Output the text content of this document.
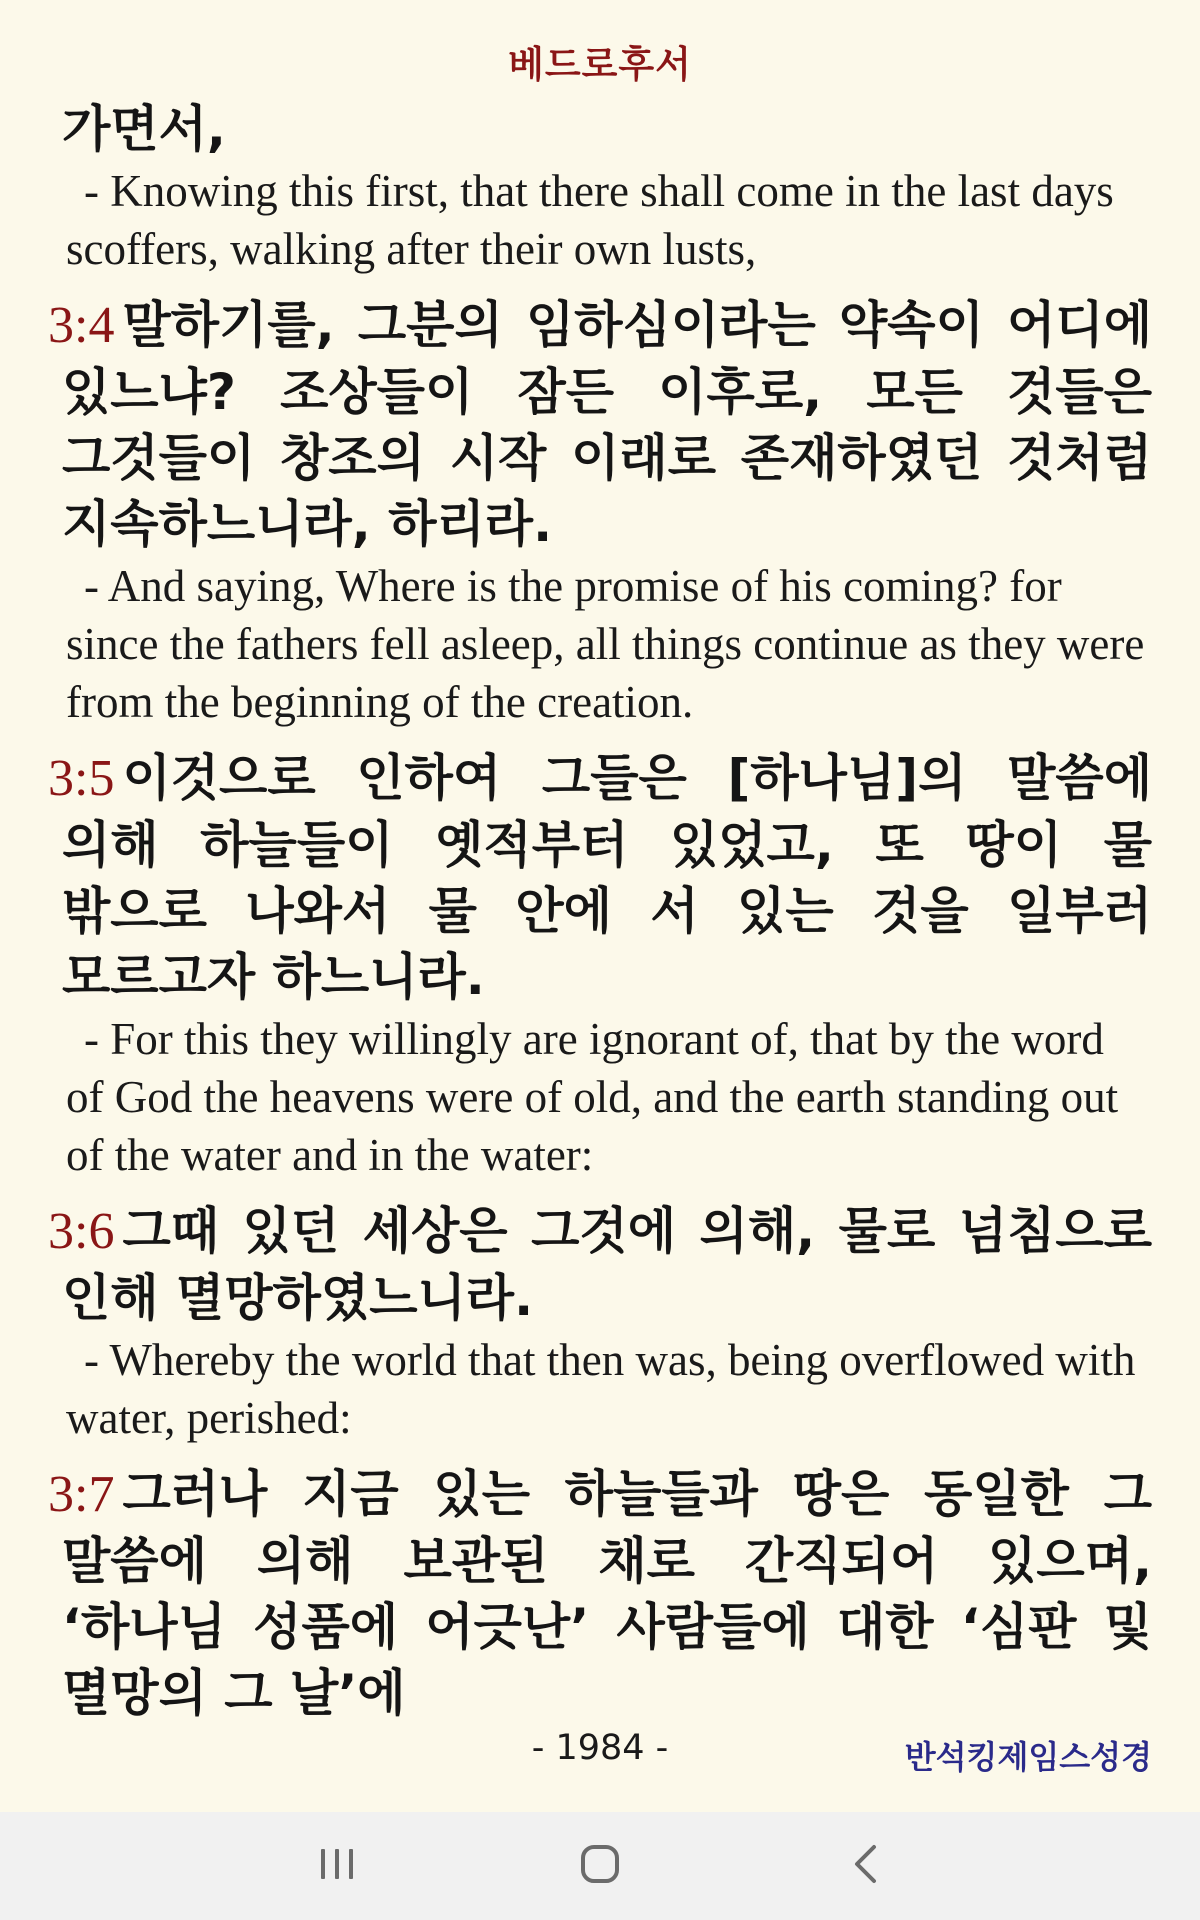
베드로후서

가면서,

- Knowing this first, that there shall come in the last days scoffers, walking after their own lusts,

3:4 말하기를, 그분의 임하심이라는 약속이 어디에 있느냐? 조상들이 잠든 이후로, 모든 것들은 그것들이 창조의 시작 이래로 존재하였던 것처럼 지속하느니라, 하리라.

- And saying, Where is the promise of his coming? for since the fathers fell asleep, all things continue as they were from the beginning of the creation.

3:5 이것으로 인하여 그들은 [하나님]의 말씀에 의해 하늘들이 옛적부터 있었고, 또 땅이 물 밖으로 나와서 물 안에 서 있는 것을 일부러 모르고자 하느니라.

- For this they willingly are ignorant of, that by the word of God the heavens were of old, and the earth standing out of the water and in the water:

3:6 그때 있던 세상은 그것에 의해, 물로 넘침으로 인해 멸망하였느니라.

- Whereby the world that then was, being overflowed with water, perished:

3:7 그러나 지금 있는 하늘들과 땅은 동일한 그 말씀에 의해 보관된 채로 간직되어 있으며, ‘하나님 성품에 어긋난’ 사람들에 대한 ‘심판 및 멸망의 그 날’에

- 1984 -	반석킹제임스성경
